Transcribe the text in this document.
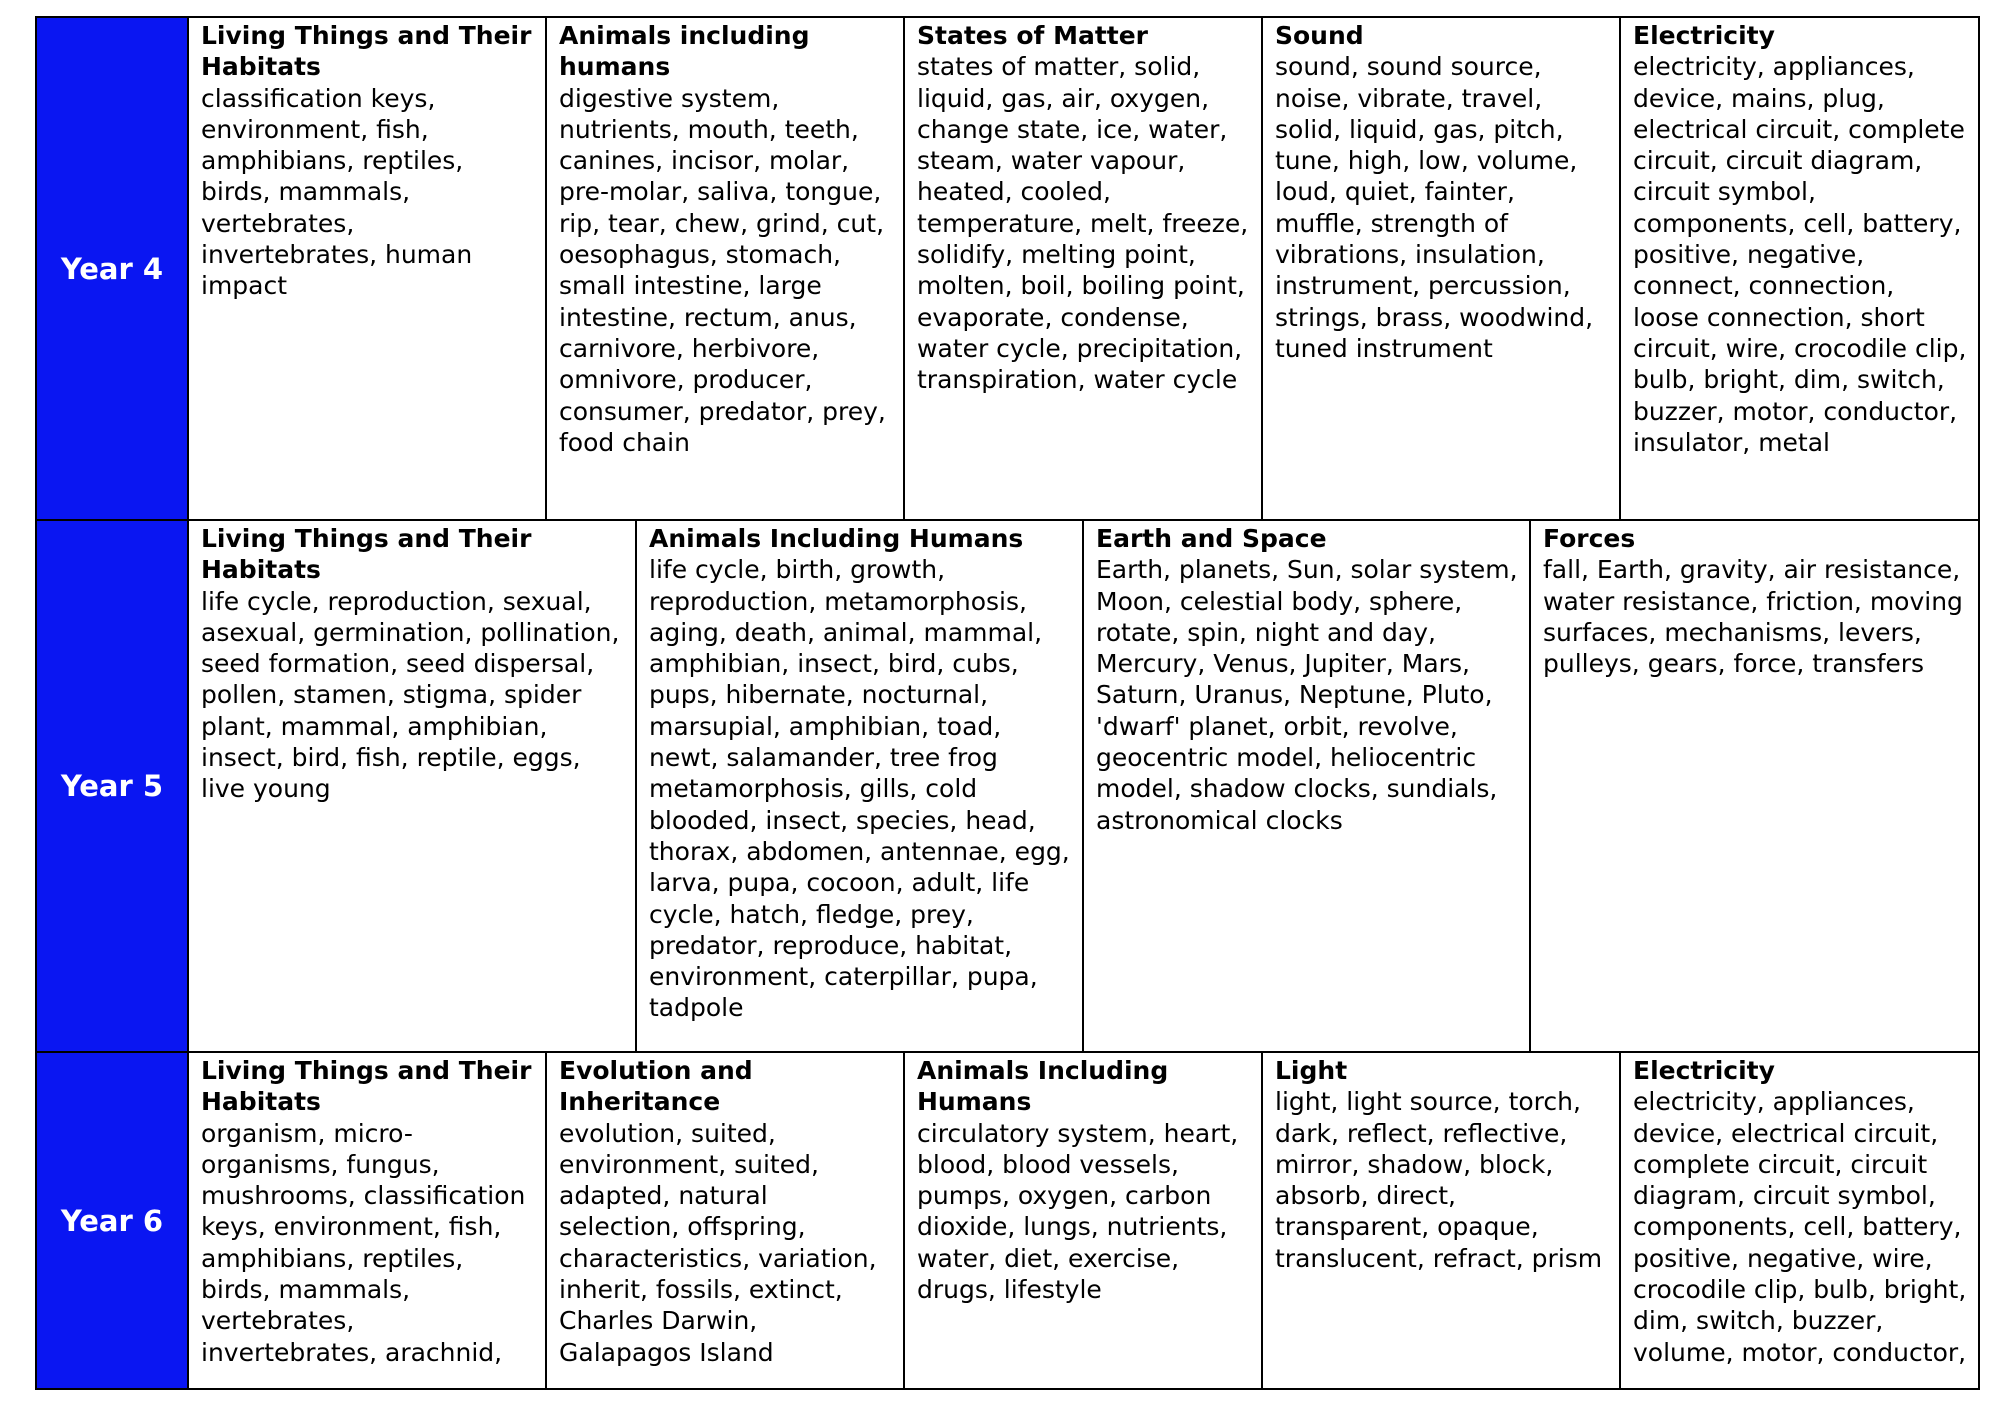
Year 4
Living Things and Their Habitats
classification keys, environment, fish, amphibians, reptiles, birds, mammals, vertebrates, invertebrates, human impact
Animals including humans
digestive system, nutrients, mouth, teeth, canines, incisor, molar, pre-molar, saliva, tongue, rip, tear, chew, grind, cut, oesophagus, stomach, small intestine, large intestine, rectum, anus, carnivore, herbivore, omnivore, producer, consumer, predator, prey, food chain
States of Matter
states of matter, solid, liquid, gas, air, oxygen, change state, ice, water, steam, water vapour, heated, cooled, temperature, melt, freeze, solidify, melting point, molten, boil, boiling point, evaporate, condense, water cycle, precipitation, transpiration, water cycle
Sound
sound, sound source, noise, vibrate, travel, solid, liquid, gas, pitch, tune, high, low, volume, loud, quiet, fainter, muffle, strength of vibrations, insulation, instrument, percussion, strings, brass, woodwind, tuned instrument
Electricity
electricity, appliances, device, mains, plug, electrical circuit, complete circuit, circuit diagram, circuit symbol, components, cell, battery, positive, negative, connect, connection, loose connection, short circuit, wire, crocodile clip, bulb, bright, dim, switch, buzzer, motor, conductor, insulator, metal
Year 5
Living Things and Their Habitats
life cycle, reproduction, sexual, asexual, germination, pollination, seed formation, seed dispersal, pollen, stamen, stigma, spider plant, mammal, amphibian, insect, bird, fish, reptile, eggs, live young
Animals Including Humans
life cycle, birth, growth, reproduction, metamorphosis, aging, death, animal, mammal, amphibian, insect, bird, cubs, pups, hibernate, nocturnal, marsupial, amphibian, toad, newt, salamander, tree frog metamorphosis, gills, cold blooded, insect, species, head, thorax, abdomen, antennae, egg, larva, pupa, cocoon, adult, life cycle, hatch, fledge, prey, predator, reproduce, habitat, environment, caterpillar, pupa, tadpole
Earth and Space
Earth, planets, Sun, solar system, Moon, celestial body, sphere, rotate, spin, night and day, Mercury, Venus, Jupiter, Mars, Saturn, Uranus, Neptune, Pluto, 'dwarf' planet, orbit, revolve, geocentric model, heliocentric model, shadow clocks, sundials, astronomical clocks
Forces
fall, Earth, gravity, air resistance, water resistance, friction, moving surfaces, mechanisms, levers, pulleys, gears, force, transfers
Year 6
Living Things and Their Habitats
organism, micro-organisms, fungus, mushrooms, classification keys, environment, fish, amphibians, reptiles, birds, mammals, vertebrates, invertebrates, arachnid,
Evolution and Inheritance
evolution, suited, environment, suited, adapted, natural selection, offspring, characteristics, variation, inherit, fossils, extinct, Charles Darwin, Galapagos Island
Animals Including Humans
circulatory system, heart, blood, blood vessels, pumps, oxygen, carbon dioxide, lungs, nutrients, water, diet, exercise, drugs, lifestyle
Light
light, light source, torch, dark, reflect, reflective, mirror, shadow, block, absorb, direct, transparent, opaque, translucent, refract, prism
Electricity
electricity, appliances, device, electrical circuit, complete circuit, circuit diagram, circuit symbol, components, cell, battery, positive, negative, wire, crocodile clip, bulb, bright, dim, switch, buzzer, volume, motor, conductor,
